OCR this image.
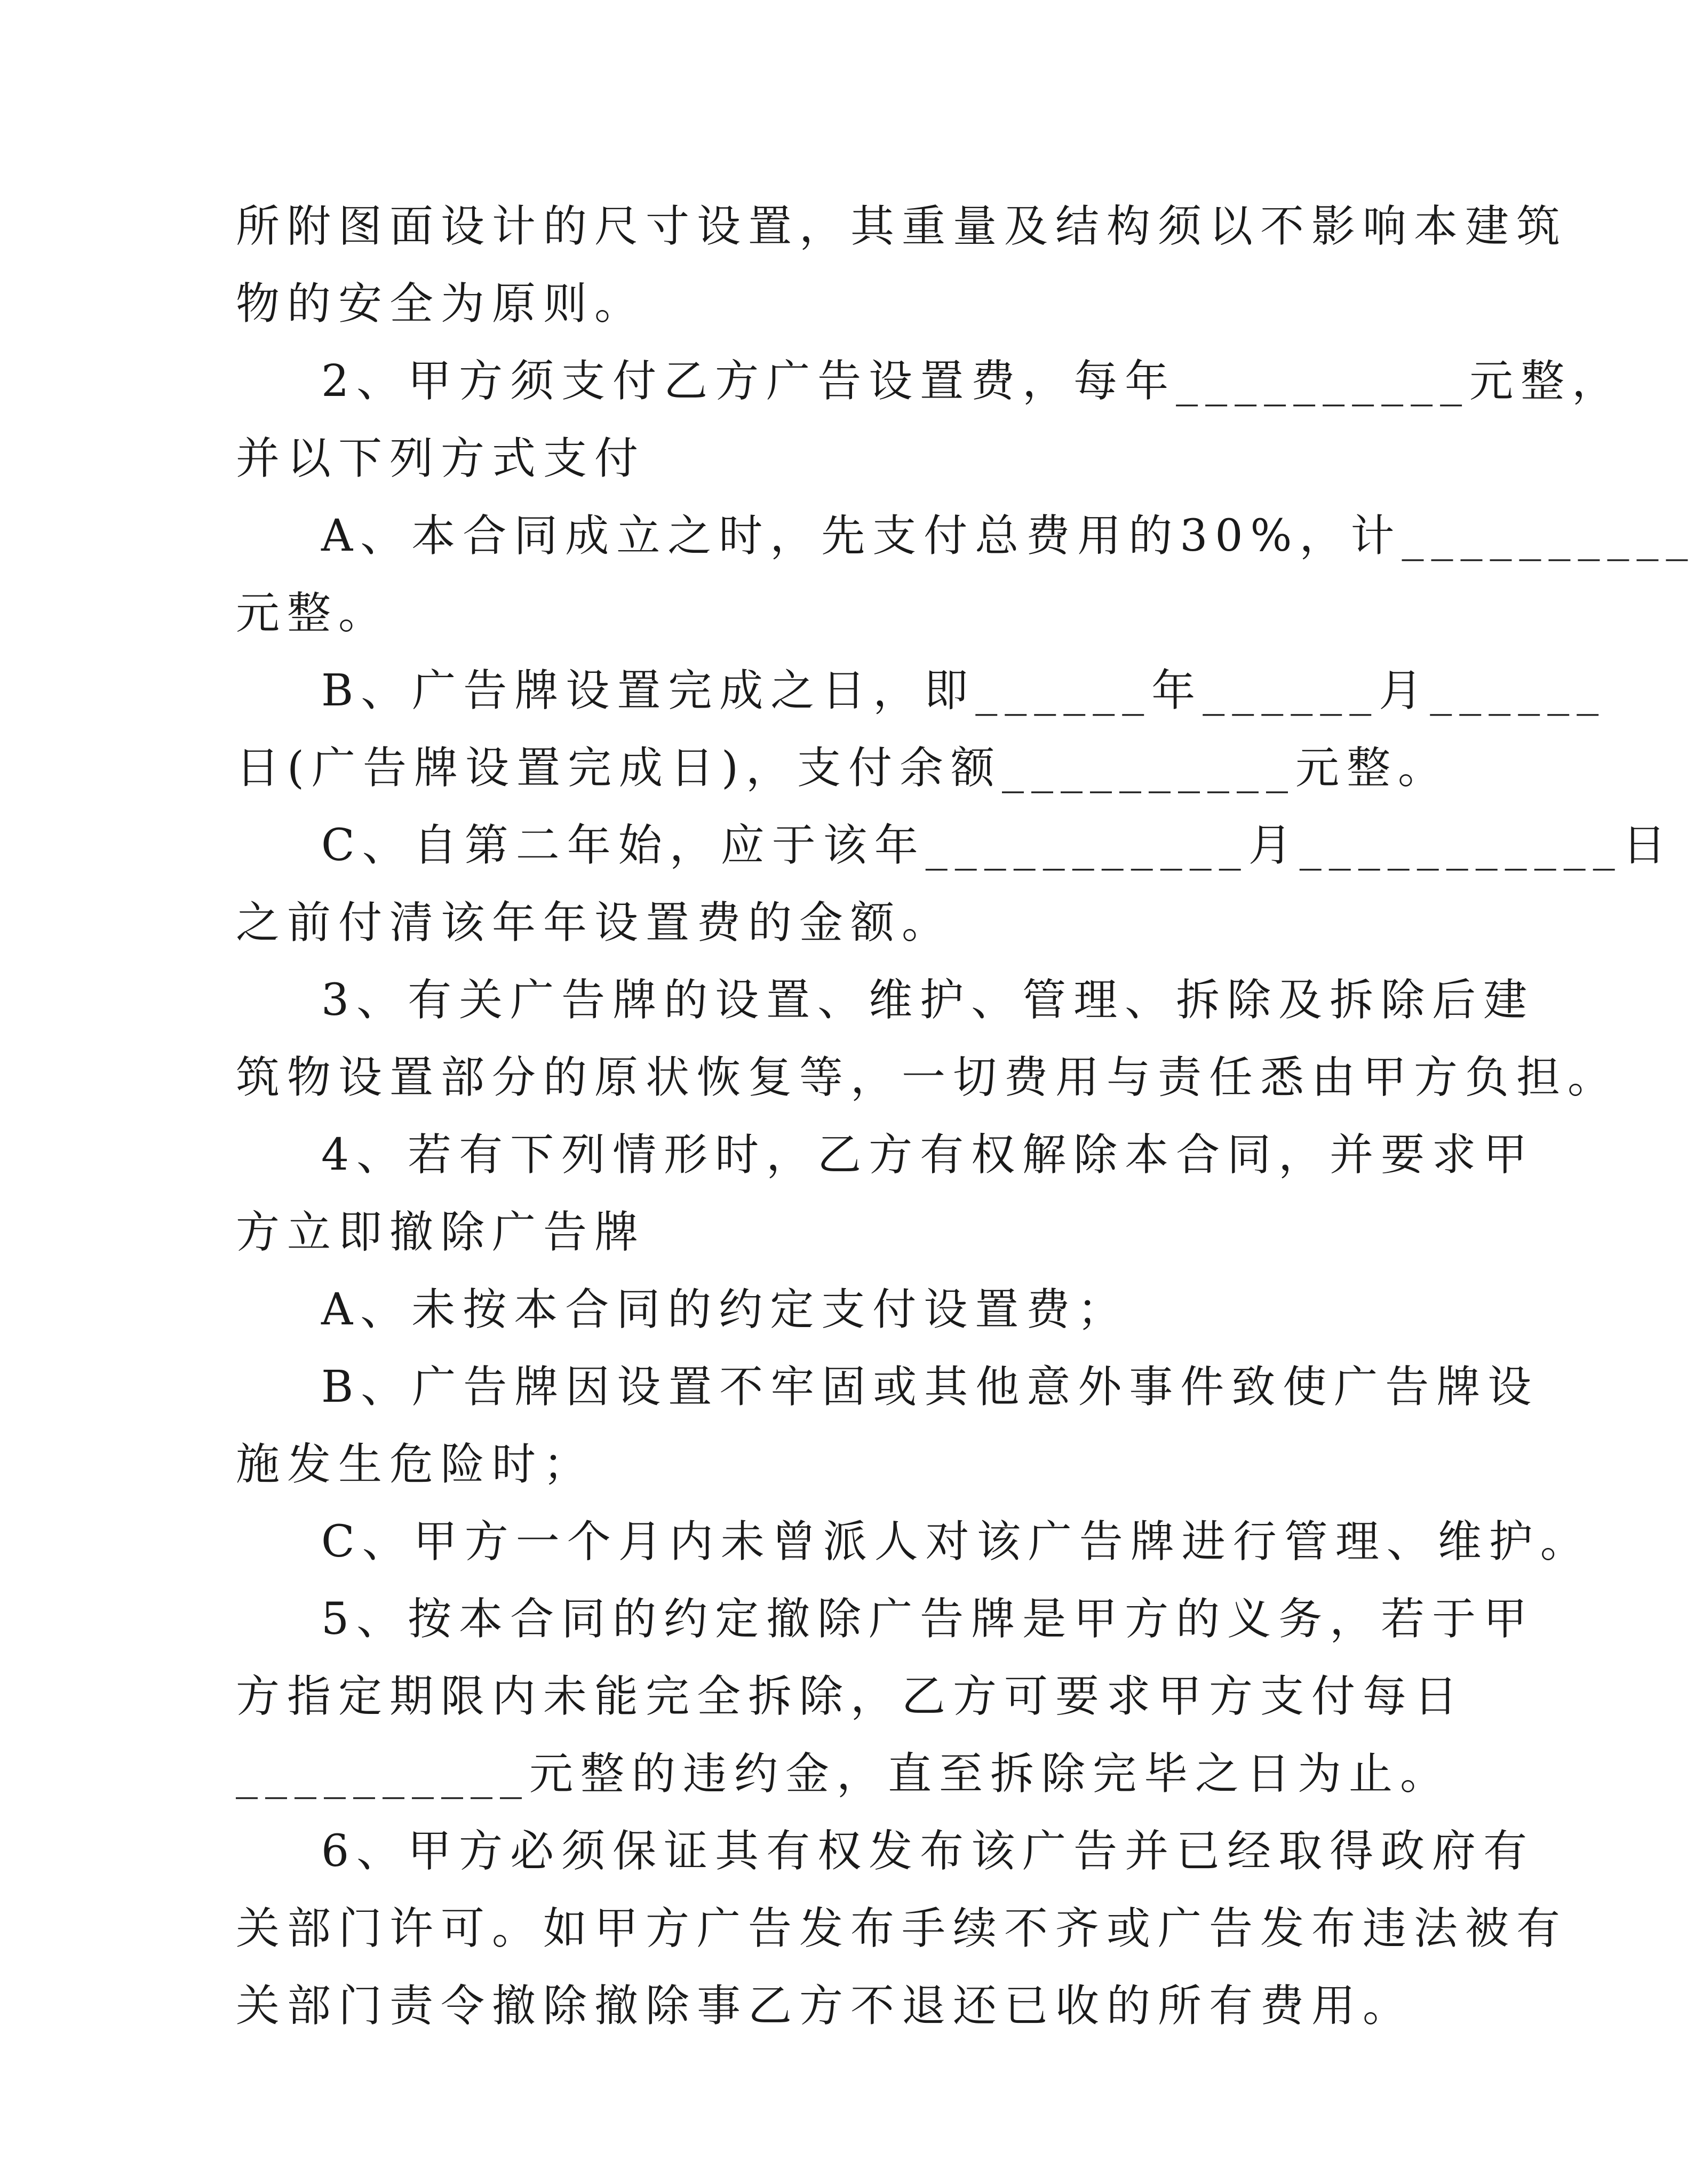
所附图面设计的尺寸设置，其重量及结构须以不影响本建筑
物的安全为原则。
2、甲方须支付乙方广告设置费，每年__________元整，
并以下列方式支付
A、本合同成立之时，先支付总费用的30%，计__________
元整。
B、广告牌设置完成之日，即______年______月______
日(广告牌设置完成日)，支付余额__________元整。
C、自第二年始，应于该年___________月___________日
之前付清该年年设置费的金额。
3、有关广告牌的设置、维护、管理、拆除及拆除后建
筑物设置部分的原状恢复等，一切费用与责任悉由甲方负担。
4、若有下列情形时，乙方有权解除本合同，并要求甲
方立即撤除广告牌
A、未按本合同的约定支付设置费；
B、广告牌因设置不牢固或其他意外事件致使广告牌设
施发生危险时；
C、甲方一个月内未曾派人对该广告牌进行管理、维护。
5、按本合同的约定撤除广告牌是甲方的义务，若于甲
方指定期限内未能完全拆除，乙方可要求甲方支付每日
__________元整的违约金，直至拆除完毕之日为止。
6、甲方必须保证其有权发布该广告并已经取得政府有
关部门许可。如甲方广告发布手续不齐或广告发布违法被有
关部门责令撤除撤除事乙方不退还已收的所有费用。
